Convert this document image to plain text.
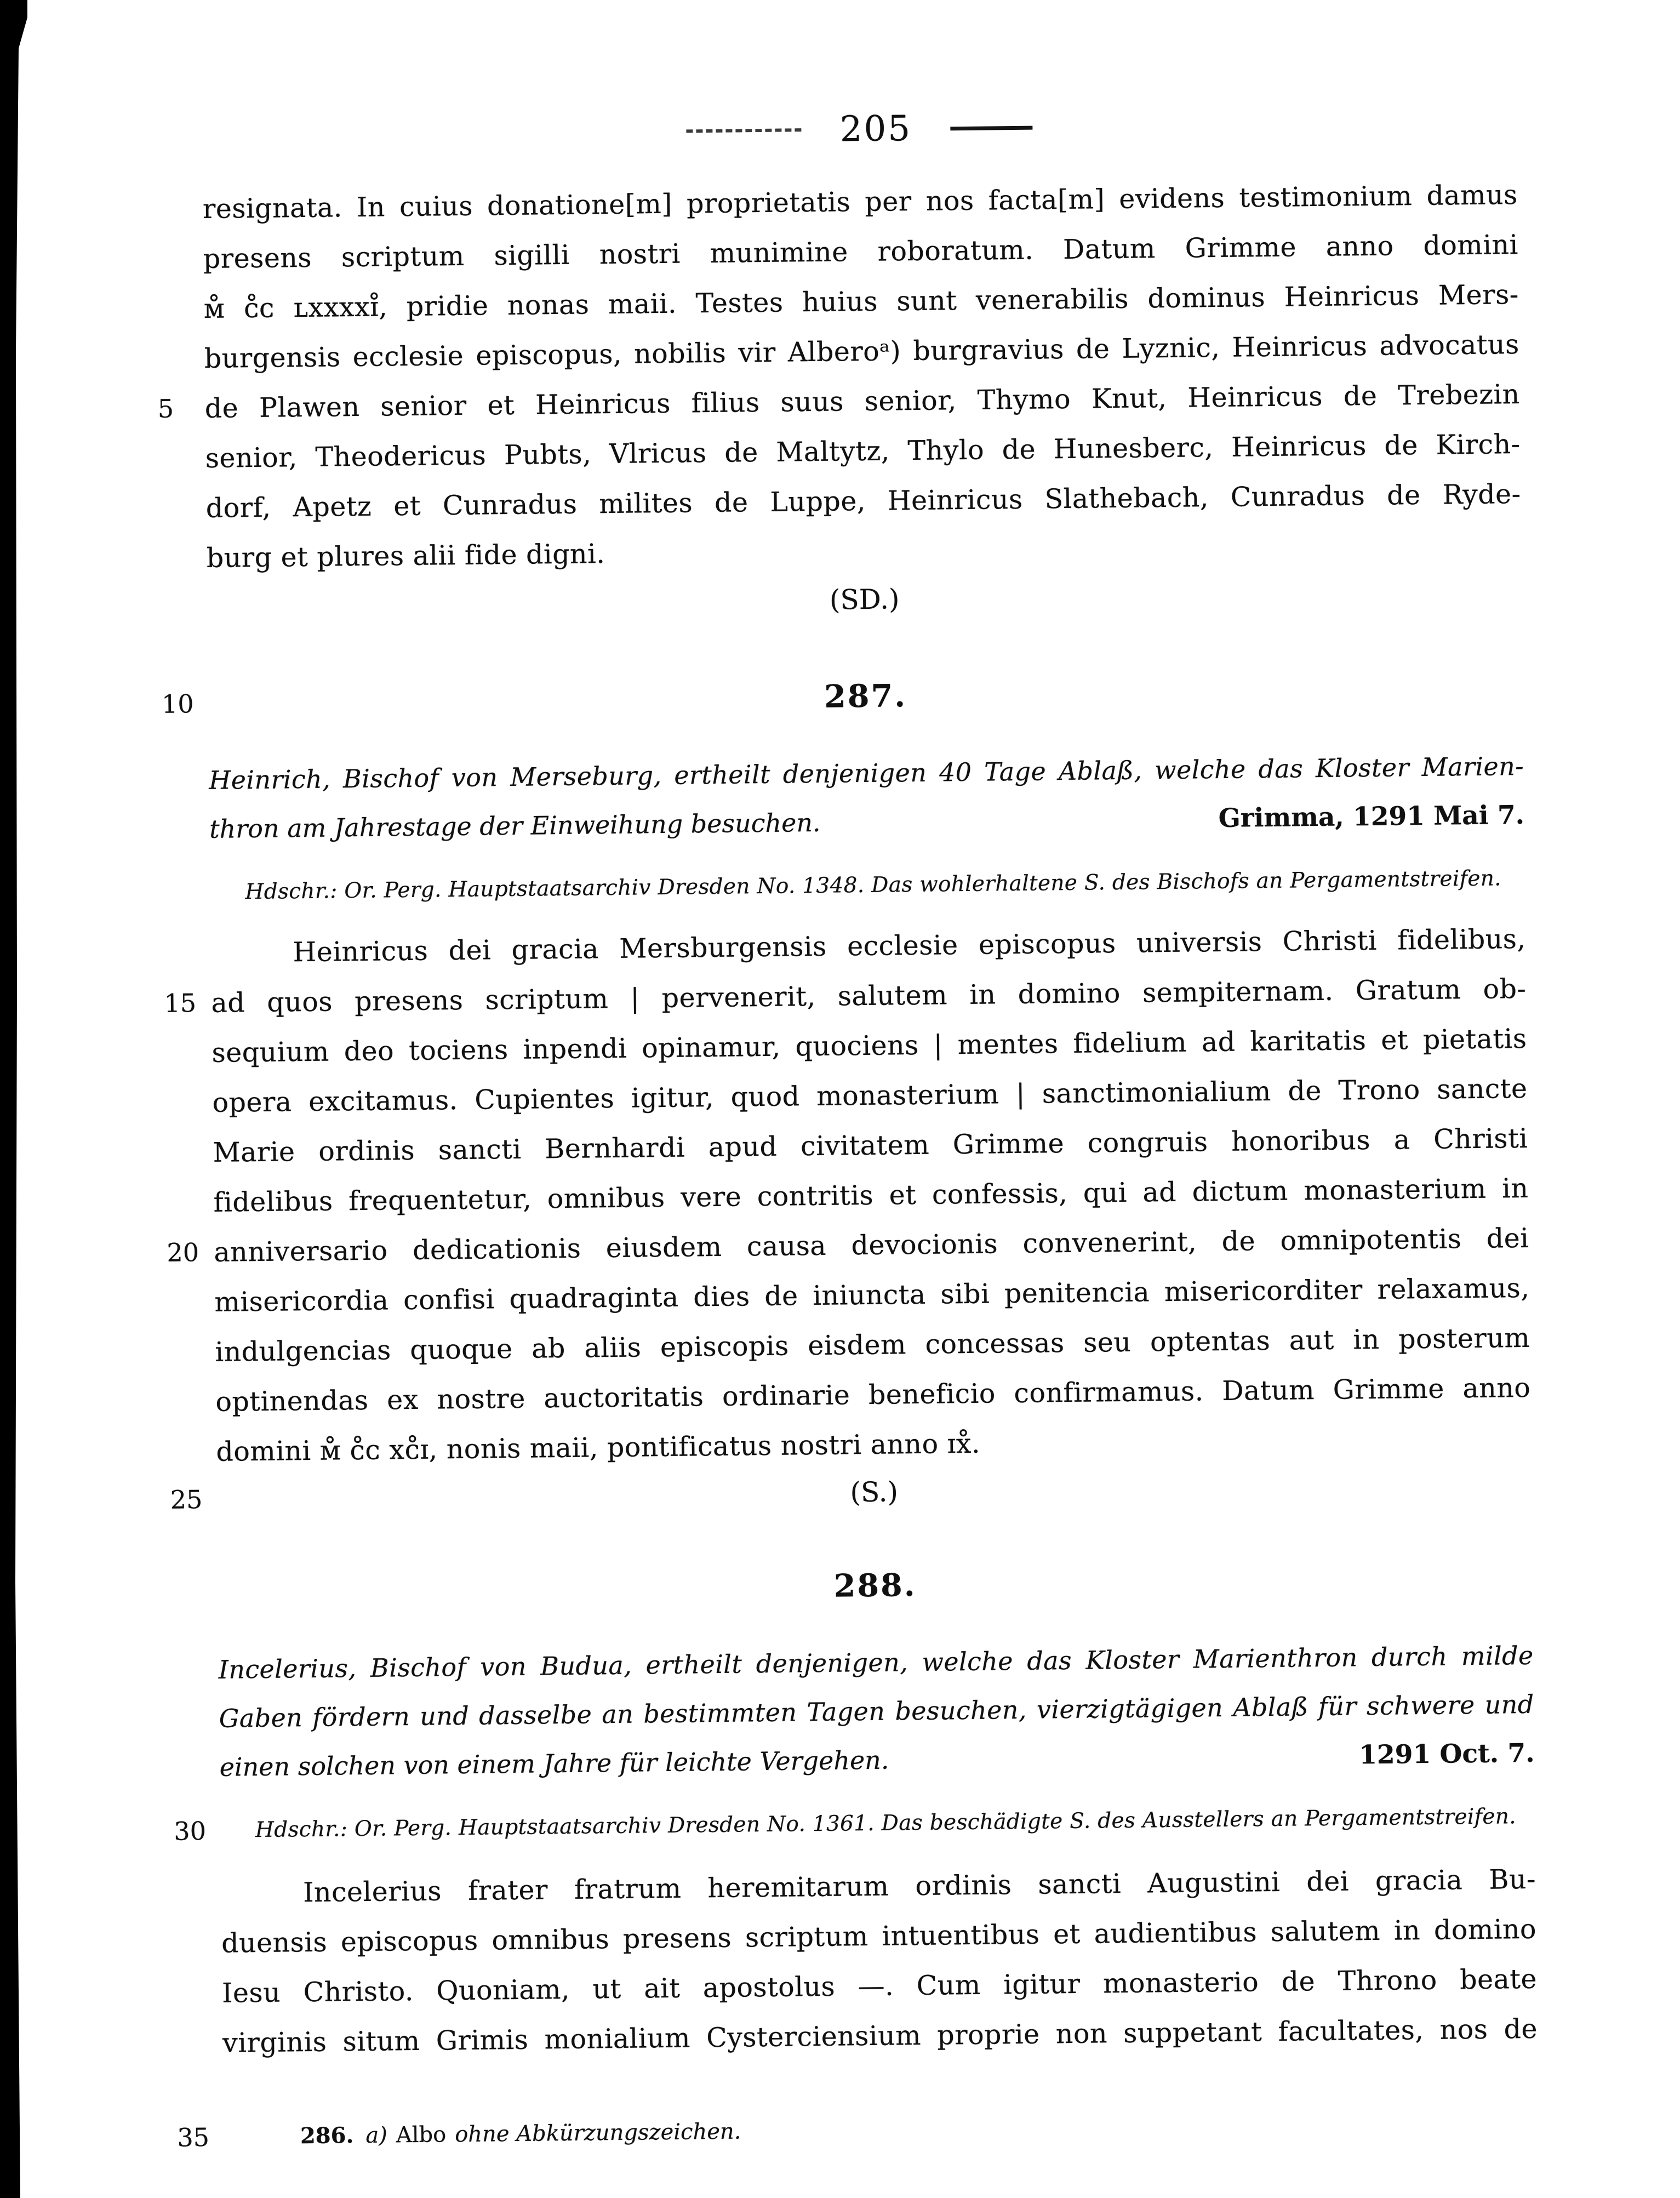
205
resignata. In cuius donatione[m] proprietatis per nos facta[m] evidens testimonium damus
presens scriptum sigilli nostri munimine roboratum. Datum Grimme anno domini
ᴍ̊ ᴄ̊ᴄ ʟxxxxɪ̊, pridie nonas maii. Testes huius sunt venerabilis dominus Heinricus Mers-
burgensis ecclesie episcopus, nobilis vir Alberoᵃ) burgravius de Lyznic, Heinricus advocatus
5	de Plawen senior et Heinricus filius suus senior, Thymo Knut, Heinricus de Trebezin
senior, Theodericus Pubts, Vlricus de Maltytz, Thylo de Hunesberc, Heinricus de Kirch-
dorf, Apetz et Cunradus milites de Luppe, Heinricus Slathebach, Cunradus de Ryde-
burg et plures alii fide digni.
(SD.)
10	287.
Heinrich, Bischof von Merseburg, ertheilt denjenigen 40 Tage Ablaß, welche das Kloster Marien-
thron am Jahrestage der Einweihung besuchen.	Grimma, 1291 Mai 7.
Hdschr.: Or. Perg. Hauptstaatsarchiv Dresden No. 1348. Das wohlerhaltene S. des Bischofs an Pergamentstreifen.
Heinricus dei gracia Mersburgensis ecclesie episcopus universis Christi fidelibus,
15 ad quos presens scriptum | pervenerit, salutem in domino sempiternam. Gratum ob-
sequium deo tociens inpendi opinamur, quociens | mentes fidelium ad karitatis et pietatis
opera excitamus. Cupientes igitur, quod monasterium | sanctimonialium de Trono sancte
Marie ordinis sancti Bernhardi apud civitatem Grimme congruis honoribus a Christi
fidelibus frequentetur, omnibus vere contritis et confessis, qui ad dictum monasterium in
20 anniversario dedicationis eiusdem causa devocionis convenerint, de omnipotentis dei
misericordia confisi quadraginta dies de iniuncta sibi penitencia misericorditer relaxamus,
indulgencias quoque ab aliis episcopis eisdem concessas seu optentas aut in posterum
optinendas ex nostre auctoritatis ordinarie beneficio confirmamus. Datum Grimme anno
domini ᴍ̊ ᴄ̊ᴄ xᴄ̊ɪ, nonis maii, pontificatus nostri anno ɪx̊.
25	(S.)
288.
Incelerius, Bischof von Budua, ertheilt denjenigen, welche das Kloster Marienthron durch milde
Gaben fördern und dasselbe an bestimmten Tagen besuchen, vierzigtägigen Ablaß für schwere und
einen solchen von einem Jahre für leichte Vergehen.	1291 Oct. 7.
30 Hdschr.: Or. Perg. Hauptstaatsarchiv Dresden No. 1361. Das beschädigte S. des Ausstellers an Pergamentstreifen.
Incelerius frater fratrum heremitarum ordinis sancti Augustini dei gracia Bu-
duensis episcopus omnibus presens scriptum intuentibus et audientibus salutem in domino
Iesu Christo. Quoniam, ut ait apostolus —. Cum igitur monasterio de Throno beate
virginis situm Grimis monialium Cysterciensium proprie non suppetant facultates, nos de
35	286. a) Albo ohne Abkürzungszeichen.
